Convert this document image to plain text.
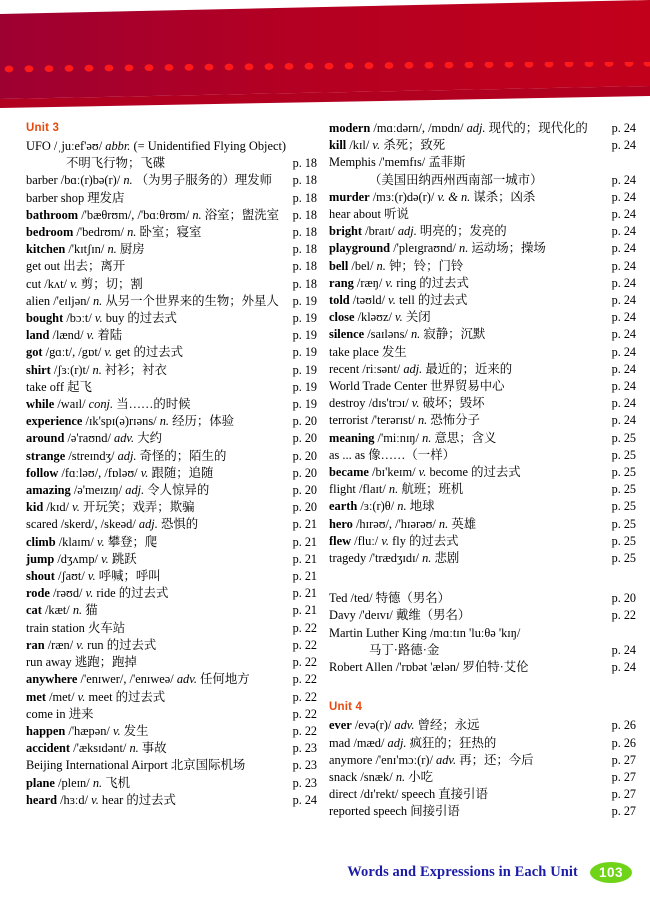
Unit 3
UFO /ˌjuːef'əʊ/ abbr. (= Unidentified Flying Object)
不明飞行物；飞碟	p. 18
barber /bɑː(r)bə(r)/ n. （为男子服务的）理发师	p. 18
barber shop 理发店	p. 18
bathroom /'bæθrʊm/, /'bɑːθrʊm/ n. 浴室；盥洗室	p. 18
bedroom /'bedrʊm/ n. 卧室；寝室	p. 18
kitchen /'kɪtʃɪn/ n. 厨房	p. 18
get out 出去；离开	p. 18
cut /kʌt/ v. 剪；切；割	p. 18
alien /'eɪljən/ n. 从另一个世界来的生物；外星人	p. 19
bought /bɔːt/ v. buy 的过去式	p. 19
land /lænd/ v. 着陆	p. 19
got /gɑːt/, /gɒt/ v. get 的过去式	p. 19
shirt /ʃɜː(r)t/ n. 衬衫；衬衣	p. 19
take off 起飞	p. 19
while /waɪl/ conj. 当……的时候	p. 19
experience /ɪk'spɪ(ə)rɪəns/ n. 经历；体验	p. 20
around /ə'raʊnd/ adv. 大约	p. 20
strange /streɪndʒ/ adj. 奇怪的；陌生的	p. 20
follow /fɑːləʊ/, /fɒləʊ/ v. 跟随；追随	p. 20
amazing /ə'meɪzɪŋ/ adj. 令人惊异的	p. 20
kid /kɪd/ v. 开玩笑；戏弄；欺骗	p. 20
scared /skerd/, /skeəd/ adj. 恐惧的	p. 21
climb /klaɪm/ v. 攀登；爬	p. 21
jump /dʒʌmp/ v. 跳跃	p. 21
shout /ʃaʊt/ v. 呼喊；呼叫	p. 21
rode /rəʊd/ v. ride 的过去式	p. 21
cat /kæt/ n. 猫	p. 21
train station 火车站	p. 22
ran /ræn/ v. run 的过去式	p. 22
run away 逃跑；跑掉	p. 22
anywhere /'enɪwer/, /'enɪweə/ adv. 任何地方	p. 22
met /met/ v. meet 的过去式	p. 22
come in 进来	p. 22
happen /'hæpən/ v. 发生	p. 22
accident /'æksɪdənt/ n. 事故	p. 23
Beijing International Airport 北京国际机场	p. 23
plane /pleɪn/ n. 飞机	p. 23
heard /hɜːd/ v. hear 的过去式	p. 24
modern /mɑːdərn/, /mɒdn/ adj. 现代的；现代化的	p. 24
kill /kɪl/ v. 杀死；致死	p. 24
Memphis /'memfɪs/ 孟菲斯
（美国田纳西州西南部一城市）	p. 24
murder /mɜː(r)də(r)/ v. & n. 谋杀；凶杀	p. 24
hear about 听说	p. 24
bright /braɪt/ adj. 明亮的；发亮的	p. 24
playground /'pleɪgraʊnd/ n. 运动场；操场	p. 24
bell /bel/ n. 钟；铃；门铃	p. 24
rang /ræŋ/ v. ring 的过去式	p. 24
told /təʊld/ v. tell 的过去式	p. 24
close /kləʊz/ v. 关闭	p. 24
silence /saɪləns/ n. 寂静；沉默	p. 24
take place 发生	p. 24
recent /riːsənt/ adj. 最近的；近来的	p. 24
World Trade Center 世界贸易中心	p. 24
destroy /dɪs'trɔɪ/ v. 破坏；毁坏	p. 24
terrorist /'terərɪst/ n. 恐怖分子	p. 24
meaning /'miːnɪŋ/ n. 意思；含义	p. 25
as ... as 像……（一样）	p. 25
became /bɪ'keɪm/ v. become 的过去式	p. 25
flight /flaɪt/ n. 航班；班机	p. 25
earth /ɜː(r)θ/ n. 地球	p. 25
hero /hɪrəʊ/, /'hɪərəʊ/ n. 英雄	p. 25
flew /fluː/ v. fly 的过去式	p. 25
tragedy /'trædʒɪdɪ/ n. 悲剧	p. 25
Ted /ted/ 特德（男名）	p. 20
Davy /'deɪvɪ/ 戴维（男名）	p. 22
Martin Luther King /mɑːtɪn 'luːθə 'kɪŋ/
马丁·路德·金	p. 24
Robert Allen /'rɒbət 'ælən/ 罗伯特·艾伦	p. 24
Unit 4
ever /evə(r)/ adv. 曾经；永远	p. 26
mad /mæd/ adj. 疯狂的；狂热的	p. 26
anymore /'enɪ'mɔː(r)/ adv. 再；还；今后	p. 27
snack /snæk/ n. 小吃	p. 27
direct /dɪ'rekt/ speech 直接引语	p. 27
reported speech 间接引语	p. 27
Words and Expressions in Each Unit	103
